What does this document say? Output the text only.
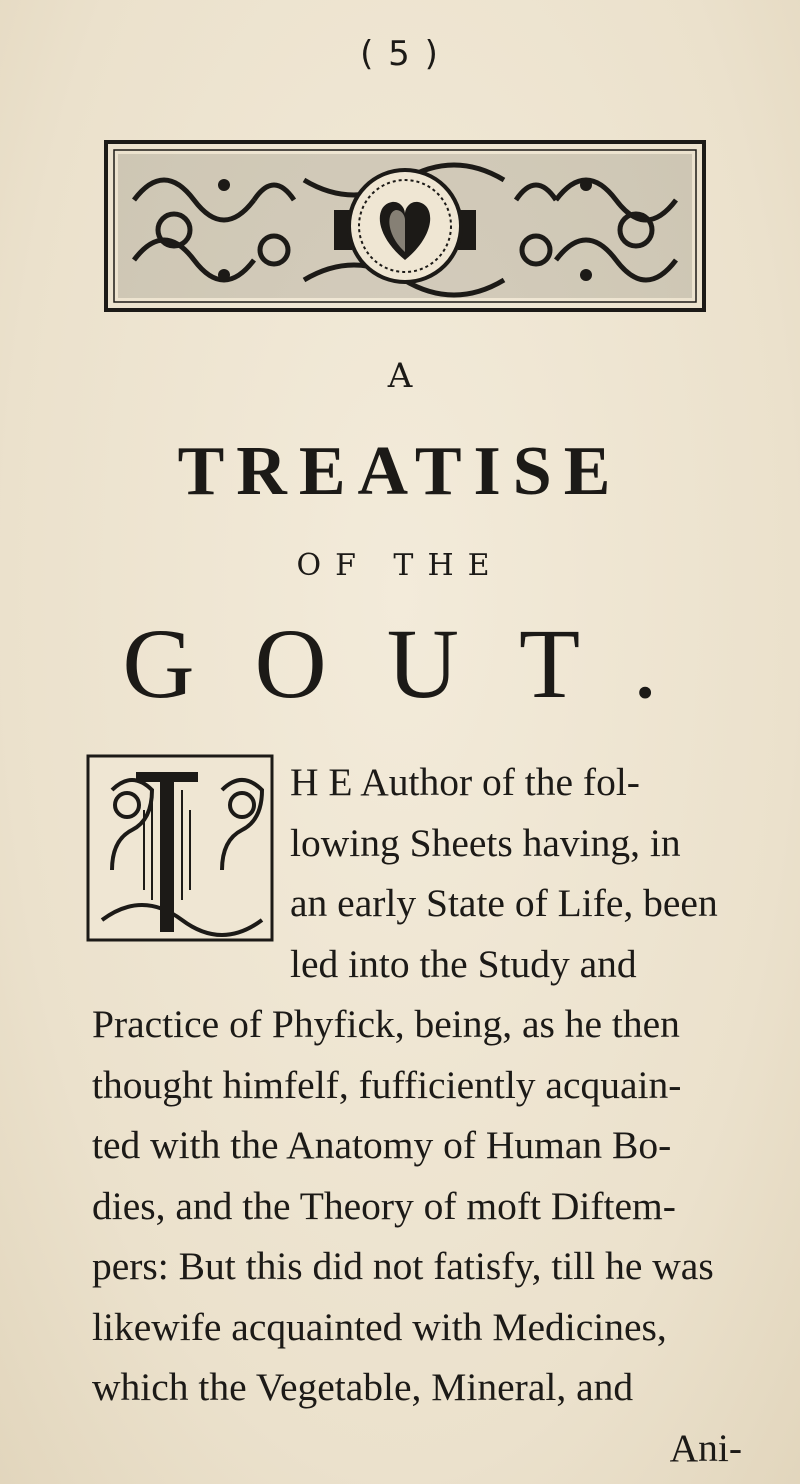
( 5 )
A
TREATISE
OF THE
GOUT.
H E Author of the fol-
lowing Sheets having, in
an early State of Life, been
led into the Study and
Practice of Phyfick, being, as he then
thought himfelf, fufficiently acquain-
ted with the Anatomy of Human Bo-
dies, and the Theory of moft Diftem-
pers: But this did not fatisfy, till he was
likewife acquainted with Medicines,
which the Vegetable, Mineral, and
Ani-
